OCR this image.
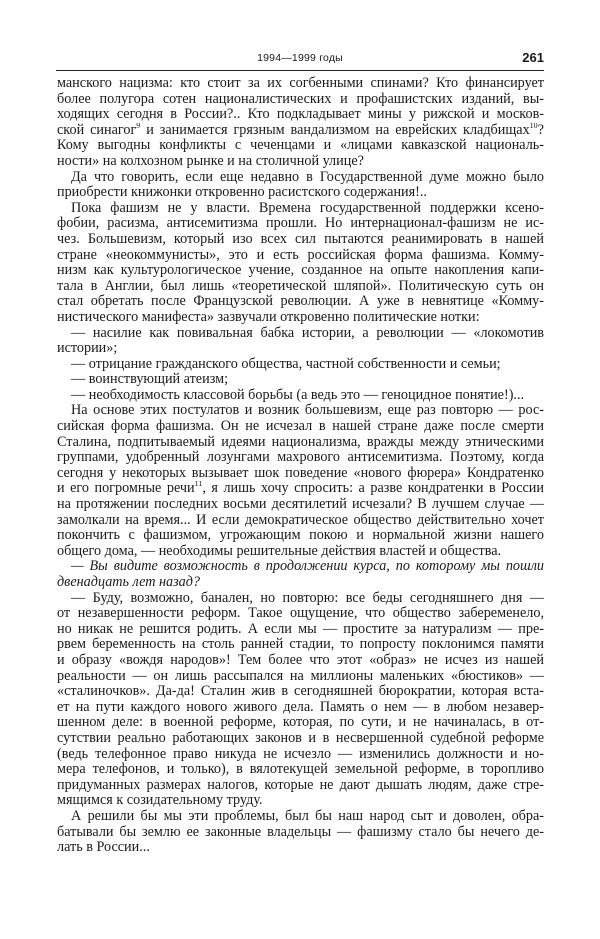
1994—1999 годы	261
манского нацизма: кто стоит за их согбенными спинами? Кто финансирует
более полугора сотен националистических и профашистских изданий, вы-
ходящих сегодня в России?.. Кто подкладывает мины у рижской и москов-
ской синагог$^9$ и занимается грязным вандализмом на еврейских кладбищах$^{10}$?
Кому выгодны конфликты с чеченцами и «лицами кавказской националь-
ности» на колхозном рынке и на столичной улице?
Да что говорить, если еще недавно в Государственной думе можно было
приобрести книжонки откровенно расистского содержания!..
Пока фашизм не у власти. Времена государственной поддержки ксено-
фобии, расизма, антисемитизма прошли. Но интернационал-фашизм не ис-
чез. Большевизм, который изо всех сил пытаются реанимировать в нашей
стране «неокоммунисты», это и есть российская форма фашизма. Комму-
низм как культурологическое учение, созданное на опыте накопления капи-
тала в Англии, был лишь «теоретической шляпой». Политическую суть он
стал обретать после Французской революции. А уже в невнятице «Комму-
нистического манифеста» зазвучали откровенно политические нотки:
— насилие как повивальная бабка истории, а революции — «локомотив
истории»;
— отрицание гражданского общества, частной собственности и семьи;
— воинствующий атеизм;
— необходимость классовой борьбы (а ведь это — геноцидное понятие!)...
На основе этих постулатов и возник большевизм, еще раз повторю — рос-
сийская форма фашизма. Он не исчезал в нашей стране даже после смерти
Сталина, подпитываемый идеями национализма, вражды между этническими
группами, удобренный лозунгами махрового антисемитизма. Поэтому, когда
сегодня у некоторых вызывает шок поведение «нового фюрера» Кондратенко
и его погромные речи$^{11}$, я лишь хочу спросить: а разве кондратенки в России
на протяжении последних восьми десятилетий исчезали? В лучшем случае —
замолкали на время... И если демократическое общество действительно хочет
покончить с фашизмом, угрожающим покою и нормальной жизни нашего
общего дома, — необходимы решительные действия властей и общества.
— Вы видите возможность в продолжении курса, по которому мы пошли
двенадцать лет назад?
— Буду, возможно, банален, но повторю: все беды сегодняшнего дня —
от незавершенности реформ. Такое ощущение, что общество забеременело,
но никак не решится родить. А если мы — простите за натурализм — пре-
рвем беременность на столь ранней стадии, то попросту поклонимся памяти
и образу «вождя народов»! Тем более что этот «образ» не исчез из нашей
реальности — он лишь рассыпался на миллионы маленьких «бюстиков» —
«сталиночков». Да-да! Сталин жив в сегодняшней бюрократии, которая вста-
ет на пути каждого нового живого дела. Память о нем — в любом незавер-
шенном деле: в военной реформе, которая, по сути, и не начиналась, в от-
сутствии реально работающих законов и в несвершенной судебной реформе
(ведь телефонное право никуда не исчезло — изменились должности и но-
мера телефонов, и только), в вялотекущей земельной реформе, в торопливо
придуманных размерах налогов, которые не дают дышать людям, даже стре-
мящимся к созидательному труду.
А решили бы мы эти проблемы, был бы наш народ сыт и доволен, обра-
батывали бы землю ее законные владельцы — фашизму стало бы нечего де-
лать в России...
